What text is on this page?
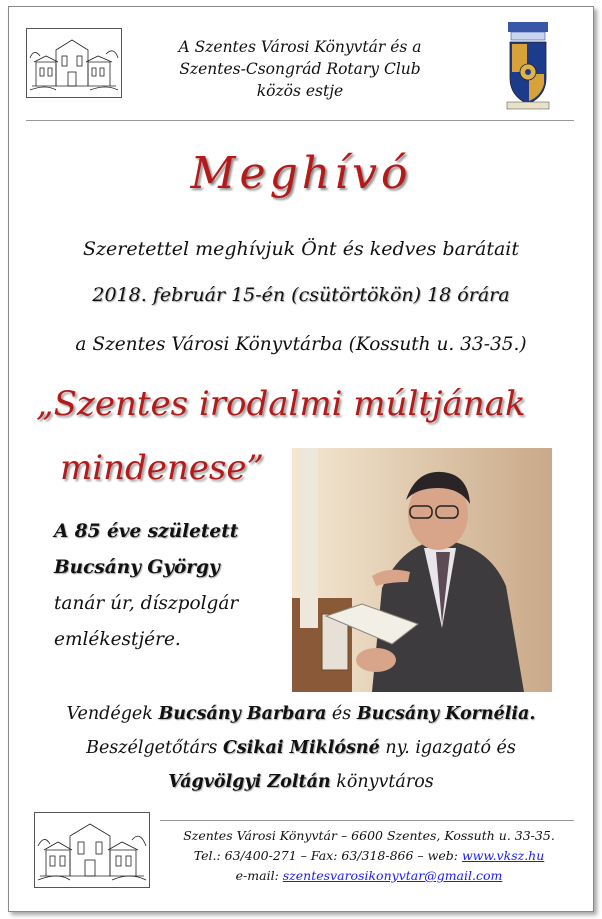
A Szentes Városi Könyvtár és a
Szentes-Csongrád Rotary Club
közös estje
Meghívó
Szeretettel meghívjuk Önt és kedves barátait
2018. február 15-én (csütörtökön) 18 órára
a Szentes Városi Könyvtárba (Kossuth u. 33-35.)
„Szentes irodalmi múltjának
mindenese”
A 85 éve született
Bucsány György
tanár úr, díszpolgár
emlékestjére.
Vendégek Bucsány Barbara és Bucsány Kornélia.
Beszélgetőtárs Csikai Miklósné ny. igazgató és
Vágvölgyi Zoltán könyvtáros
Szentes Városi Könyvtár – 6600 Szentes, Kossuth u. 33-35.
Tel.: 63/400-271 – Fax: 63/318-866 – web: www.vksz.hu
e-mail: szentesvarosikonyvtar@gmail.com
